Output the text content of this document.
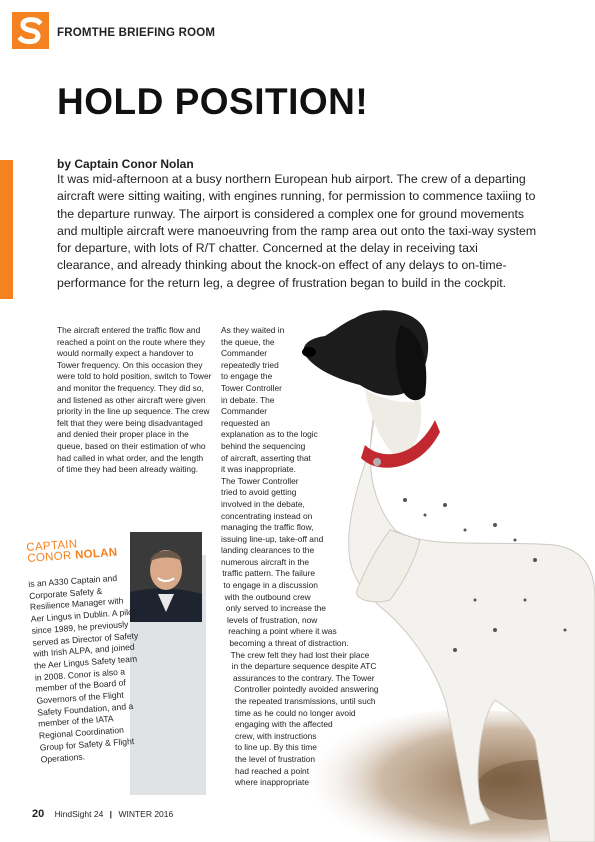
FROMTHE BRIEFING ROOM
HOLD POSITION!
by Captain Conor Nolan
It was mid-afternoon at a busy northern European hub airport. The crew of a departing aircraft were sitting waiting, with engines running, for permission to commence taxiing to the departure runway. The airport is considered a complex one for ground movements and multiple aircraft were manoeuvring from the ramp area out onto the taxi-way system for departure, with lots of R/T chatter. Concerned at the delay in receiving taxi clearance, and already thinking about the knock-on effect of any delays to on-time-performance for the return leg, a degree of frustration began to build in the cockpit.

The aircraft entered the traffic flow and reached a point on the route where they would normally expect a handover to Tower frequency. On this occasion they were told to hold position, switch to Tower and monitor the frequency. They did so, and listened as other aircraft were given priority in the line up sequence. The crew felt that they were being disadvantaged and denied their proper place in the queue, based on their estimation of who had called in what order, and the length of time they had been already waiting.

As they waited in
the queue, the
Commander
repeatedly tried
to engage the
Tower Controller
in debate. The
Commander
requested an
explanation as to the logic
behind the sequencing
of aircraft, asserting that
it was inappropriate.
The Tower Controller
tried to avoid getting
involved in the debate,
concentrating instead on
managing the traffic flow,
issuing line-up, take-off and
landing clearances to the
numerous aircraft in the
traffic pattern. The failure
to engage in a discussion
with the outbound crew
only served to increase the
levels of frustration, now
reaching a point where it was
becoming a threat of distraction.
The crew felt they had lost their place
in the departure sequence despite ATC
assurances to the contrary. The Tower
Controller pointedly avoided answering
the repeated transmissions, until such
time as he could no longer avoid
engaging with the affected
crew, with instructions
to line up. By this time
the level of frustration
had reached a point
where inappropriate
CAPTAIN
CONOR NOLAN
is an A330 Captain and Corporate Safety & Resilience Manager with Aer Lingus in Dublin. A pilot since 1989, he previously served as Director of Safety with Irish ALPA, and joined the Aer Lingus Safety team in 2008. Conor is also a member of the Board of Governors of the Flight Safety Foundation, and a member of the IATA Regional Coordination Group for Safety & Flight Operations.
20 HindSight 24 | WINTER 2016
